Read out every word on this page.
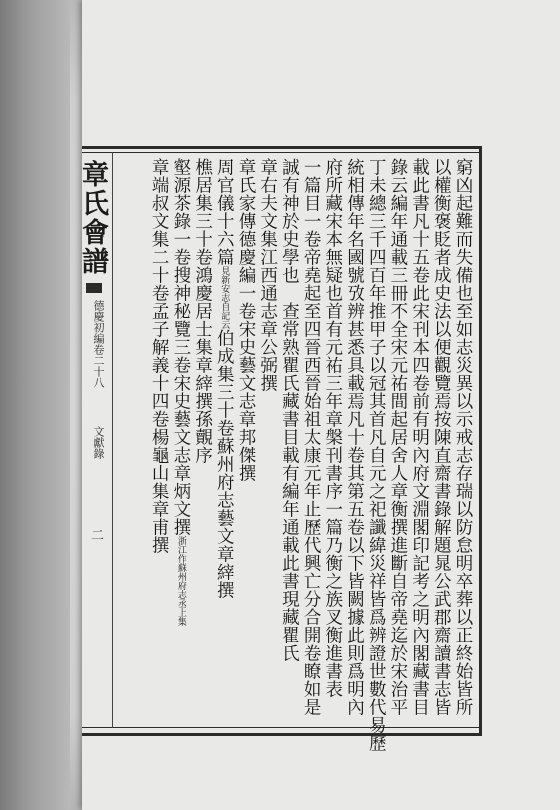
章氏會譜
德慶初編卷二十八
文獻錄
二	窮凶起難而失備也至如志災異以示戒志存瑞以防怠明卒葬以正終始皆所
以權衡褒貶者成史法以便觀覽焉按陳直齋書錄解題晁公武郡齋讀書志皆
載此書凡十五卷此宋刊本四卷前有明內府文淵閣印記考之明內閣藏書目
錄云編年通載三冊不全宋元祐間起居舍人章衡撰進斷自帝堯迄於宋治平
丁未總三千四百年推甲子以冠其首凡自元之祀讖緯災祥皆爲辨證世數代易歷
統相傳年名國號攷辨甚悉具載焉凡十卷其第五卷以下皆闕據此則爲明內
府所藏宋本無疑也首有元祐三年章槃刊書序一篇乃衡之族叉衡進書表
一篇目一卷帝堯起至四晉西晉始祖太康元年止歷代興亡分合開卷瞭如是
誠有神於史學也　查常熟瞿氏藏書目載有編年通載此書現藏瞿氏
章右夫文集江西通志章公弼撰
章氏家傳德慶編一卷宋史藝文志章邦傑撰
周官儀十六篇見新安志自記云伯成集三十卷蘇州府志藝文章縡撰
樵居集三十卷鴻慶居士集章縡撰孫覿序
壑源茶錄一卷搜神秘覽三卷宋史藝文志章炳文撰浙江作蘇州府志丞上集
章端叔文集二十卷孟子解義十四卷楊龜山集章甫撰
